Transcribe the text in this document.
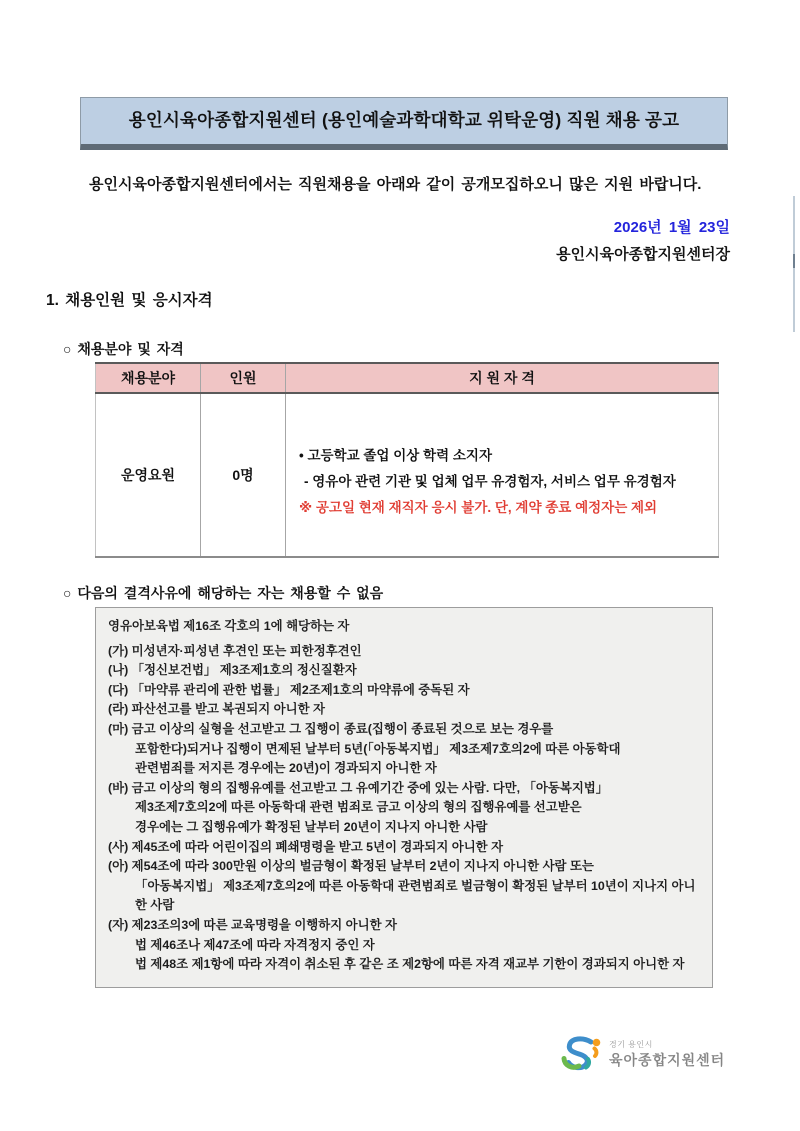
용인시육아종합지원센터 (용인예술과학대학교 위탁운영) 직원 채용 공고
용인시육아종합지원센터에서는 직원채용을 아래와 같이 공개모집하오니 많은 지원 바랍니다.
2026년 1월 23일
용인시육아종합지원센터장
1. 채용인원 및 응시자격
○ 채용분야 및 자격
채용분야	인원	지 원 자 격
운영요원	0명	• 고등학교 졸업 이상 학력 소지자
- 영유아 관련 기관 및 업체 업무 유경험자, 서비스 업무 유경험자
※ 공고일 현재 재직자 응시 불가. 단, 계약 종료 예정자는 제외
○ 다음의 결격사유에 해당하는 자는 채용할 수 없음
영유아보육법 제16조 각호의 1에 해당하는 자
(가) 미성년자·피성년 후견인 또는 피한정후견인
(나) 「정신보건법」 제3조제1호의 정신질환자
(다) 「마약류 관리에 관한 법률」 제2조제1호의 마약류에 중독된 자
(라) 파산선고를 받고 복권되지 아니한 자
(마) 금고 이상의 실형을 선고받고 그 집행이 종료(집행이 종료된 것으로 보는 경우를
포함한다)되거나 집행이 면제된 날부터 5년(「아동복지법」 제3조제7호의2에 따른 아동학대
관련범죄를 저지른 경우에는 20년)이 경과되지 아니한 자
(바) 금고 이상의 형의 집행유예를 선고받고 그 유예기간 중에 있는 사람. 다만, 「아동복지법」
제3조제7호의2에 따른 아동학대 관련 범죄로 금고 이상의 형의 집행유예를 선고받은
경우에는 그 집행유예가 확정된 날부터 20년이 지나지 아니한 사람
(사) 제45조에 따라 어린이집의 폐쇄명령을 받고 5년이 경과되지 아니한 자
(아) 제54조에 따라 300만원 이상의 벌금형이 확정된 날부터 2년이 지나지 아니한 사람 또는
「아동복지법」 제3조제7호의2에 따른 아동학대 관련범죄로 벌금형이 확정된 날부터 10년이 지나지 아니
한 사람
(자) 제23조의3에 따른 교육명령을 이행하지 아니한 자
법 제46조나 제47조에 따라 자격정지 중인 자
법 제48조 제1항에 따라 자격이 취소된 후 같은 조 제2항에 따른 자격 재교부 기한이 경과되지 아니한 자
경기 용인시
육아종합지원센터
